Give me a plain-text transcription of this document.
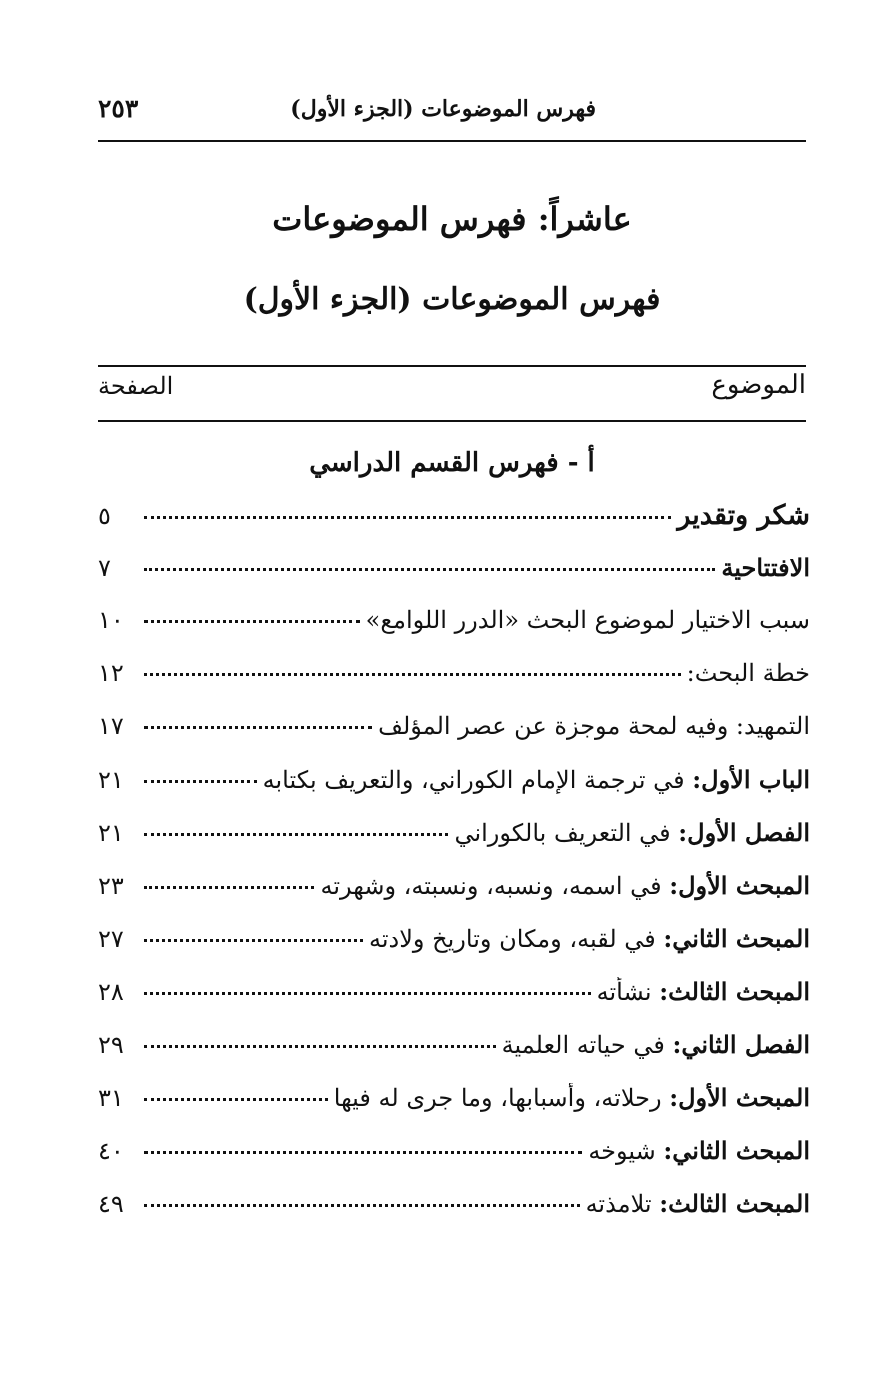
فهرس الموضوعات (الجزء الأول)
٢٥٣
عاشراً: فهرس الموضوعات
فهرس الموضوعات (الجزء الأول)
الموضوع
الصفحة
أ - فهرس القسم الدراسي
شكر وتقدير
٥
الافتتاحية
٧
سبب الاختيار لموضوع البحث «الدرر اللوامع»
١٠
خطة البحث:
١٢
التمهيد: وفيه لمحة موجزة عن عصر المؤلف
١٧
الباب الأول:
في ترجمة الإمام الكوراني، والتعريف بكتابه
٢١
الفصل الأول:
في التعريف بالكوراني
٢١
المبحث الأول:
في اسمه، ونسبه، ونسبته، وشهرته
٢٣
المبحث الثاني:
في لقبه، ومكان وتاريخ ولادته
٢٧
المبحث الثالث:
نشأته
٢٨
الفصل الثاني:
في حياته العلمية
٢٩
المبحث الأول:
رحلاته، وأسبابها، وما جرى له فيها
٣١
المبحث الثاني:
شيوخه
٤٠
المبحث الثالث:
تلامذته
٤٩
